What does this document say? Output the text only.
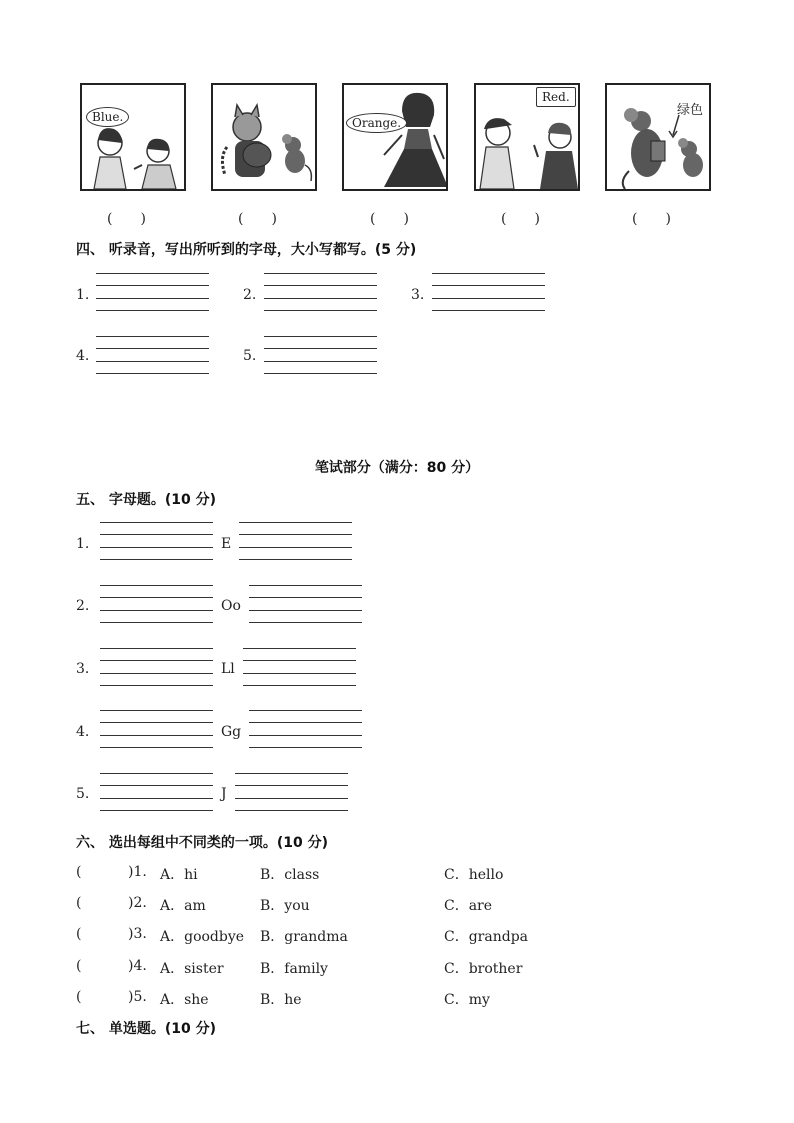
Blue.	Orange.
Red.
绿色
(　　)	(　　)	(　　)	(　　)	(　　)
四、 听录音，写出所听到的字母，大小写都写。(5 分)
1.	2.	3.
4.	5.
笔试部分（满分：80 分）
五、 字母题。(10 分)
1.	E
2.	Oo
3.	Ll
4.	Gg
5.	J
六、 选出每组中不同类的一项。(10 分)
(	)1. A．hi	B．class	C．hello
(	)2. A．am	B．you	C．are
(	)3. A．goodbye B．grandma	C．grandpa
(	)4. A．sister	B．family	C．brother
(	)5. A．she	B．he	C．my
七、 单选题。(10 分)
